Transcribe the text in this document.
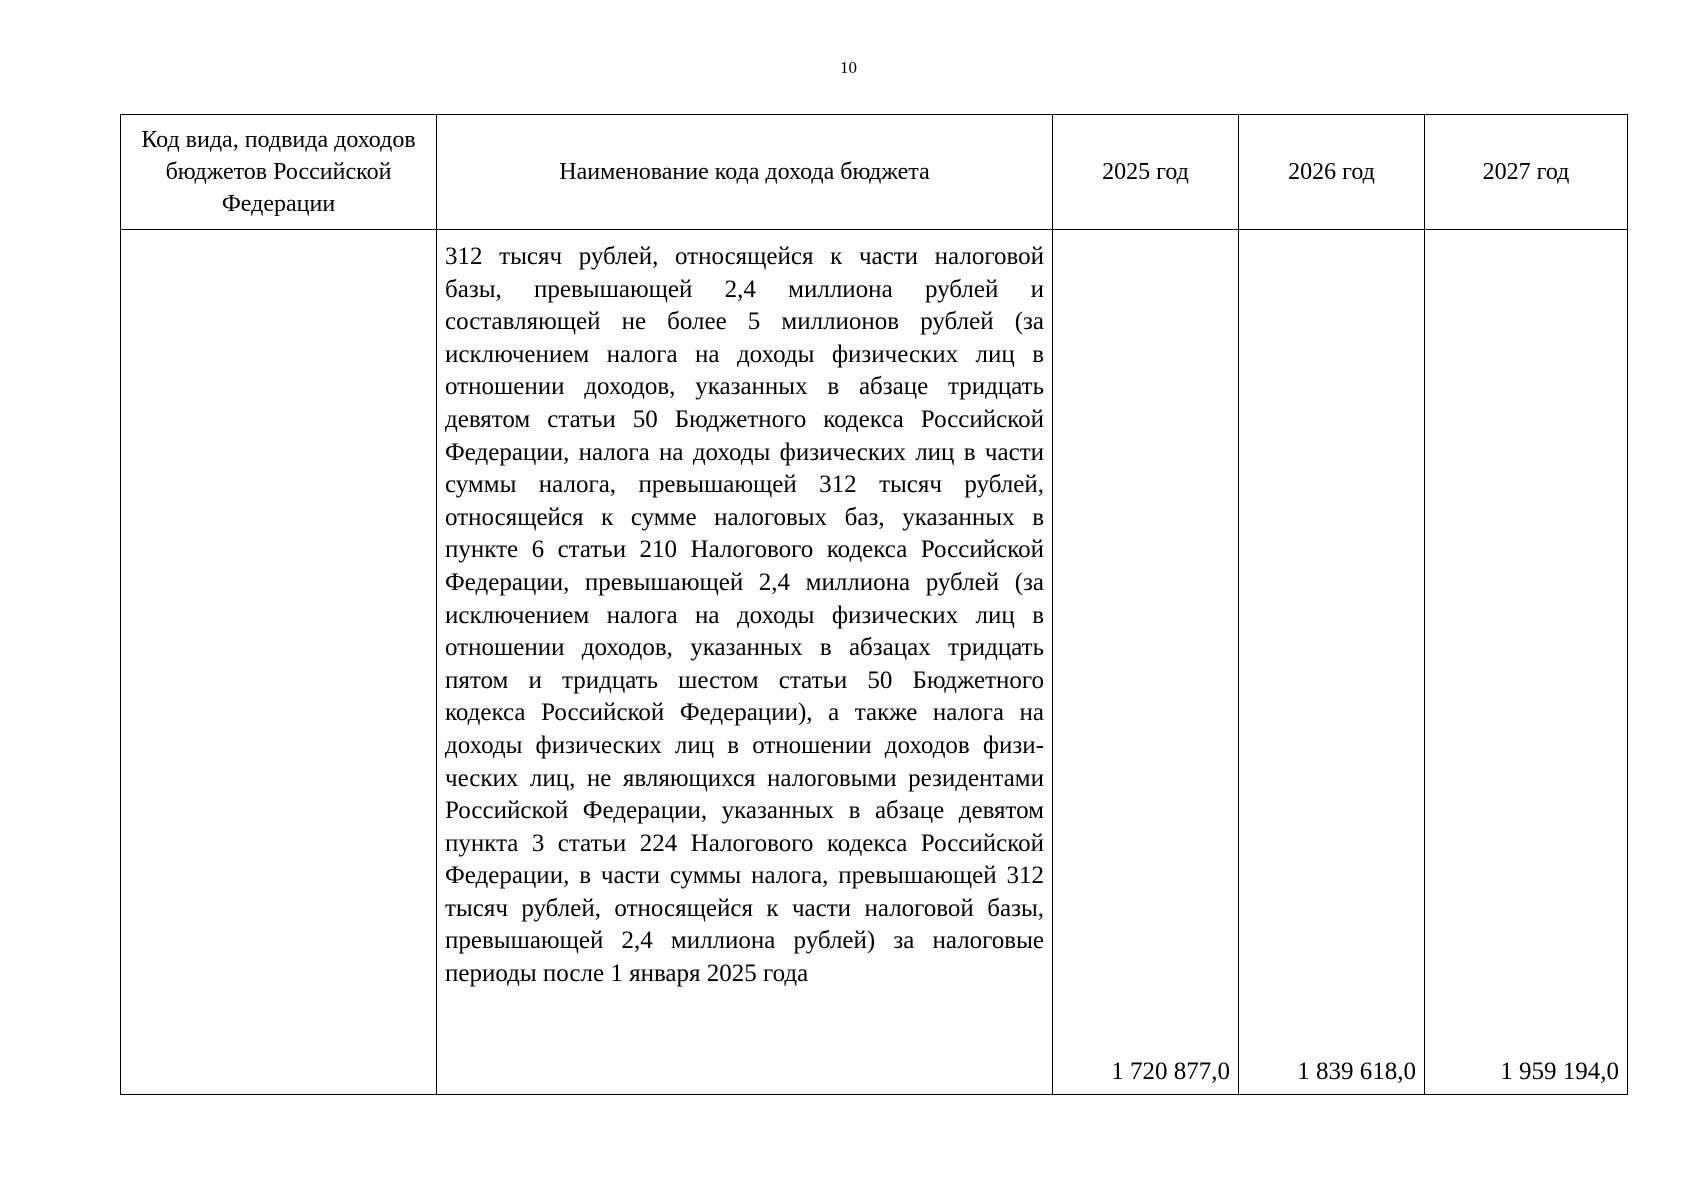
10
Код вида, подвида доходов бюджетов Российской Федерации	Наименование кода дохода бюджета	2025 год	2026 год	2027 год

	312 тысяч рублей, относящейся к части налоговой базы, превышающей 2,4 миллиона рублей и составляющей не более 5 миллионов рублей (за исключением налога на доходы физических лиц в отношении доходов, указанных в абзаце тридцать девятом статьи 50 Бюджетного кодекса Российской Федерации, налога на доходы физических лиц в части суммы налога, превышающей 312 тысяч рублей, относящейся к сумме налоговых баз, указанных в пункте 6 статьи 210 Налогового кодекса Российской Федерации, превышающей 2,4 миллиона рублей (за исключением налога на доходы физических лиц в отношении доходов, указанных в абзацах тридцать пятом и тридцать шестом статьи 50 Бюджетного кодекса Российской Федерации), а также налога на доходы физических лиц в отношении доходов физических лиц, не являющихся налоговыми резидентами Российской Федерации, указанных в абзаце девятом пункта 3 статьи 224 Налогового кодекса Российской Федерации, в части суммы налога, превышающей 312 тысяч рублей, относящейся к части налоговой базы, превышающей 2,4 миллиона рублей) за налоговые периоды после 1 января 2025 года	1 720 877,0	1 839 618,0	1 959 194,0
